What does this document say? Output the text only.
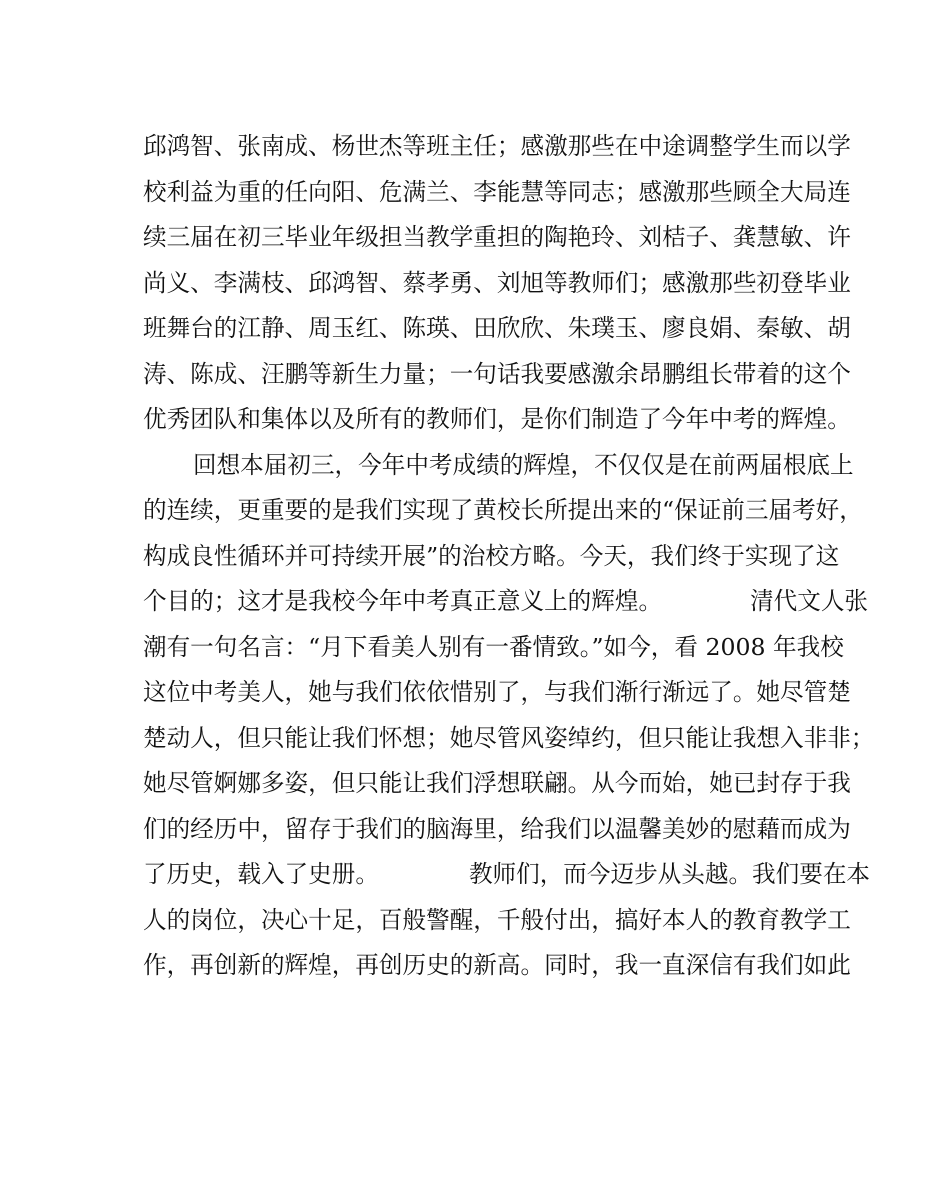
邱鸿智、张南成、杨世杰等班主任；感激那些在中途调整学生而以学
校利益为重的任向阳、危满兰、李能慧等同志；感激那些顾全大局连
续三届在初三毕业年级担当教学重担的陶艳玲、刘桔子、龚慧敏、许
尚义、李满枝、邱鸿智、蔡孝勇、刘旭等教师们；感激那些初登毕业
班舞台的江静、周玉红、陈瑛、田欣欣、朱璞玉、廖良娟、秦敏、胡
涛、陈成、汪鹏等新生力量；一句话我要感激余昂鹏组长带着的这个
优秀团队和集体以及所有的教师们，是你们制造了今年中考的辉煌。
回想本届初三，今年中考成绩的辉煌，不仅仅是在前两届根底上
的连续，更重要的是我们实现了黄校长所提出来的“保证前三届考好，
构成良性循环并可持续开展”的治校方略。今天，我们终于实现了这
个目的；这才是我校今年中考真正意义上的辉煌。	清代文人张
潮有一句名言：“月下看美人别有一番情致。”如今，看 2008 年我校
这位中考美人，她与我们依依惜别了，与我们渐行渐远了。她尽管楚
楚动人，但只能让我们怀想；她尽管风姿绰约，但只能让我想入非非；
她尽管婀娜多姿，但只能让我们浮想联翩。从今而始，她已封存于我
们的经历中，留存于我们的脑海里，给我们以温馨美妙的慰藉而成为
了历史，载入了史册。	教师们，而今迈步从头越。我们要在本
人的岗位，决心十足，百般警醒，千般付出，搞好本人的教育教学工
作，再创新的辉煌，再创历史的新高。同时，我一直深信有我们如此
